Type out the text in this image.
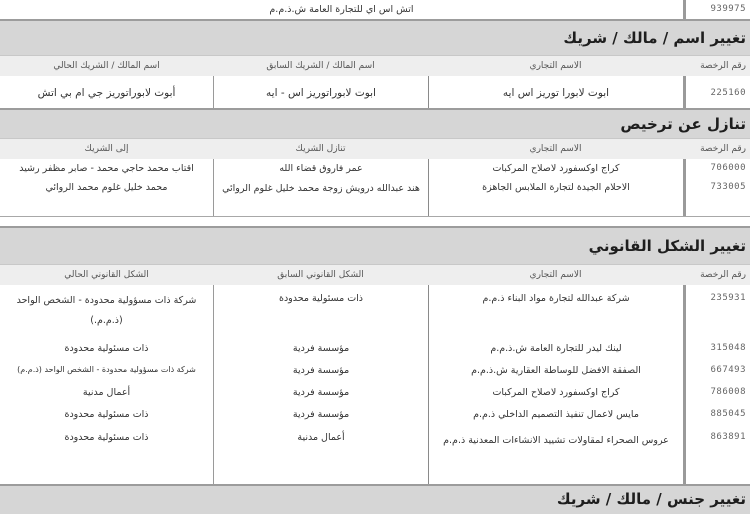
939975
اتش اس اي للتجارة العامة ش.ذ.م.م
تغيير اسم / مالك / شريك
رقم الرخصة
الاسم التجاري
اسم المالك / الشريك السابق
اسم المالك / الشريك الحالي
225160
ابوت لابورا توريز اس ايه
ابوت لابوراتوريز اس - ايه
أبوت لابوراتوريز جي ام بي اتش
تنازل عن ترخيص
رقم الرخصة
الاسم التجاري
تنازل الشريك
إلى الشريك
706000
كراج اوكسفورد لاصلاح المركبات
عمر فاروق قضاء الله
اقتاب محمد حاجي محمد - صابر مظفر رشيد
733005
الاحلام الجيدة لتجارة الملابس الجاهزة
هند عبدالله درويش زوجة محمد خليل غلوم الروائي
محمد خليل غلوم محمد الروائي
تغيير الشكل القانوني
رقم الرخصة
الاسم التجاري
الشكل القانوني السابق
الشكل القانوني الحالي
235931
شركة عبدالله لتجارة مواد البناء ذ.م.م
ذات مسئولية محدودة
شركة ذات مسؤولية محدودة - الشخص الواحد (ذ.م.م.)
315048
لينك ليدر للتجارة العامة ش.ذ.م.م
مؤسسة فردية
ذات مسئولية محدودة
667493
الصفقة الافضل للوساطة العقارية ش.ذ.م.م
مؤسسة فردية
شركة ذات مسؤولية محدودة - الشخص الواحد (ذ.م.م)
786008
كراج اوكسفورد لاصلاح المركبات
مؤسسة فردية
أعمال مدنية
885045
مايس لاعمال تنفيذ التصميم الداخلي ذ.م.م
مؤسسة فردية
ذات مسئولية محدودة
863891
عروس الصحراء لمقاولات تشييد الانشاءات المعدنية ذ.م.م
أعمال مدنية
ذات مسئولية محدودة
تغيير جنس / مالك / شريك
